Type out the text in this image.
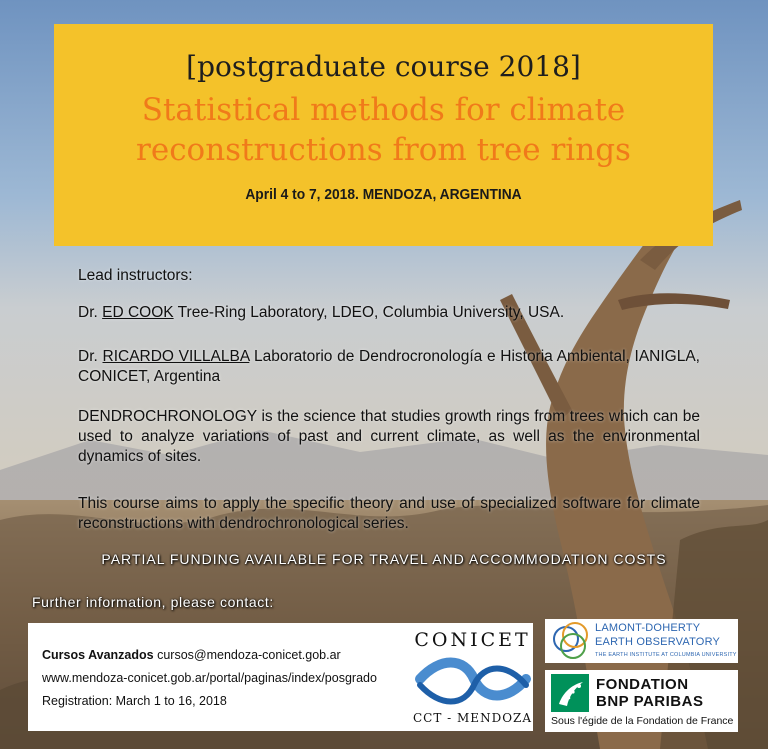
[postgraduate course 2018]
Statistical methods for climate
reconstructions from tree rings
April 4 to 7, 2018. MENDOZA, ARGENTINA
Lead instructors:
Dr. ED COOK Tree-Ring Laboratory, LDEO, Columbia University, USA.
Dr. RICARDO VILLALBA Laboratorio de Dendrocronología e Historia Ambiental, IANIGLA, CONICET, Argentina
DENDROCHRONOLOGY is the science that studies growth rings from trees which can be used to analyze variations of past and current climate, as well as the environmental dynamics of sites.
This course aims to apply the specific theory and use of specialized software for climate reconstructions with dendrochronological series.
PARTIAL FUNDING AVAILABLE FOR TRAVEL AND ACCOMMODATION COSTS
Further information, please contact:
Cursos Avanzados cursos@mendoza-conicet.gob.ar
www.mendoza-conicet.gob.ar/portal/paginas/index/posgrado
Registration: March 1 to 16, 2018
CONICET
CCT - MENDOZA
LAMONT-DOHERTY
EARTH OBSERVATORY
THE EARTH INSTITUTE AT COLUMBIA UNIVERSITY
FONDATION
BNP PARIBAS
Sous l'égide de la Fondation de France
